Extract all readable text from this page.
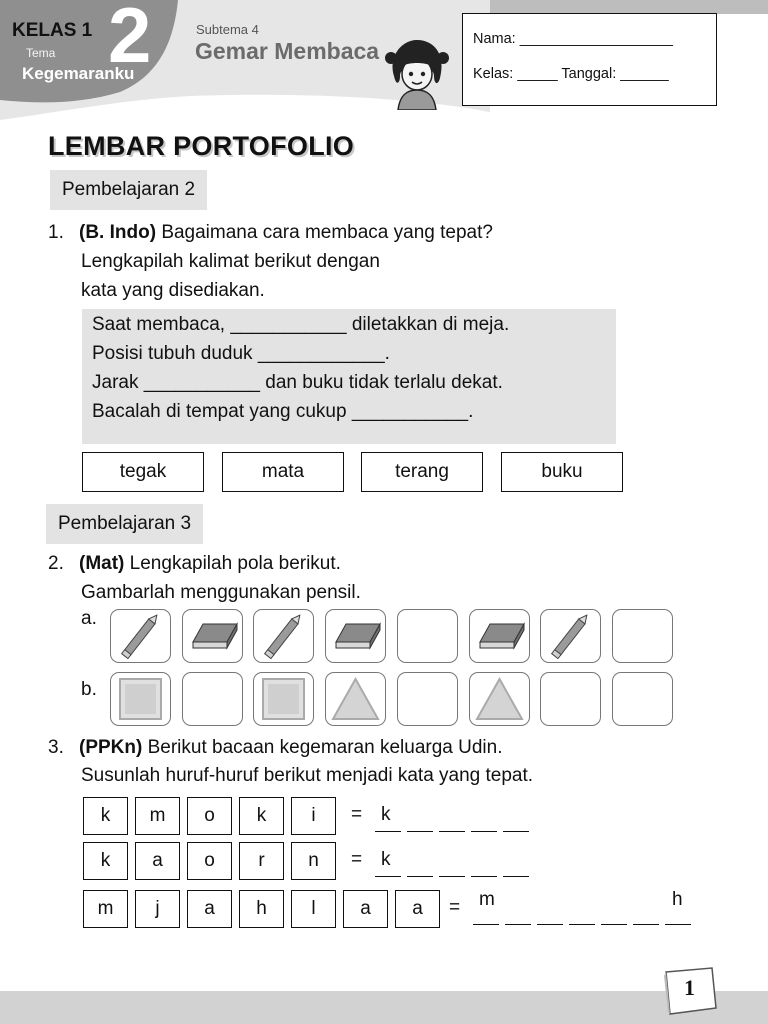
KELAS 1 2
Tema
Kegemaranku
Subtema 4
Gemar Membaca	Nama: ___________________
Kelas: _____ Tanggal: ______
LEMBAR PORTOFOLIO
Pembelajaran 2
1. (B. Indo) Bagaimana cara membaca yang tepat?
Lengkapilah kalimat berikut dengan
kata yang disediakan.
Saat membaca, ___________ diletakkan di meja.
Posisi tubuh duduk ____________.
Jarak ___________ dan buku tidak terlalu dekat.
Bacalah di tempat yang cukup ___________.
tegak	mata	terang	buku
Pembelajaran 3
2. (Mat) Lengkapilah pola berikut.
Gambarlah menggunakan pensil.
a.
b.
3. (PPKn) Berikut bacaan kegemaran keluarga Udin.
Susunlah huruf-huruf berikut menjadi kata yang tepat.
k	m	o	k	i	= k
k	a	o	r	n	= k
m	j	a	h	l	a	a	= m	h
1
